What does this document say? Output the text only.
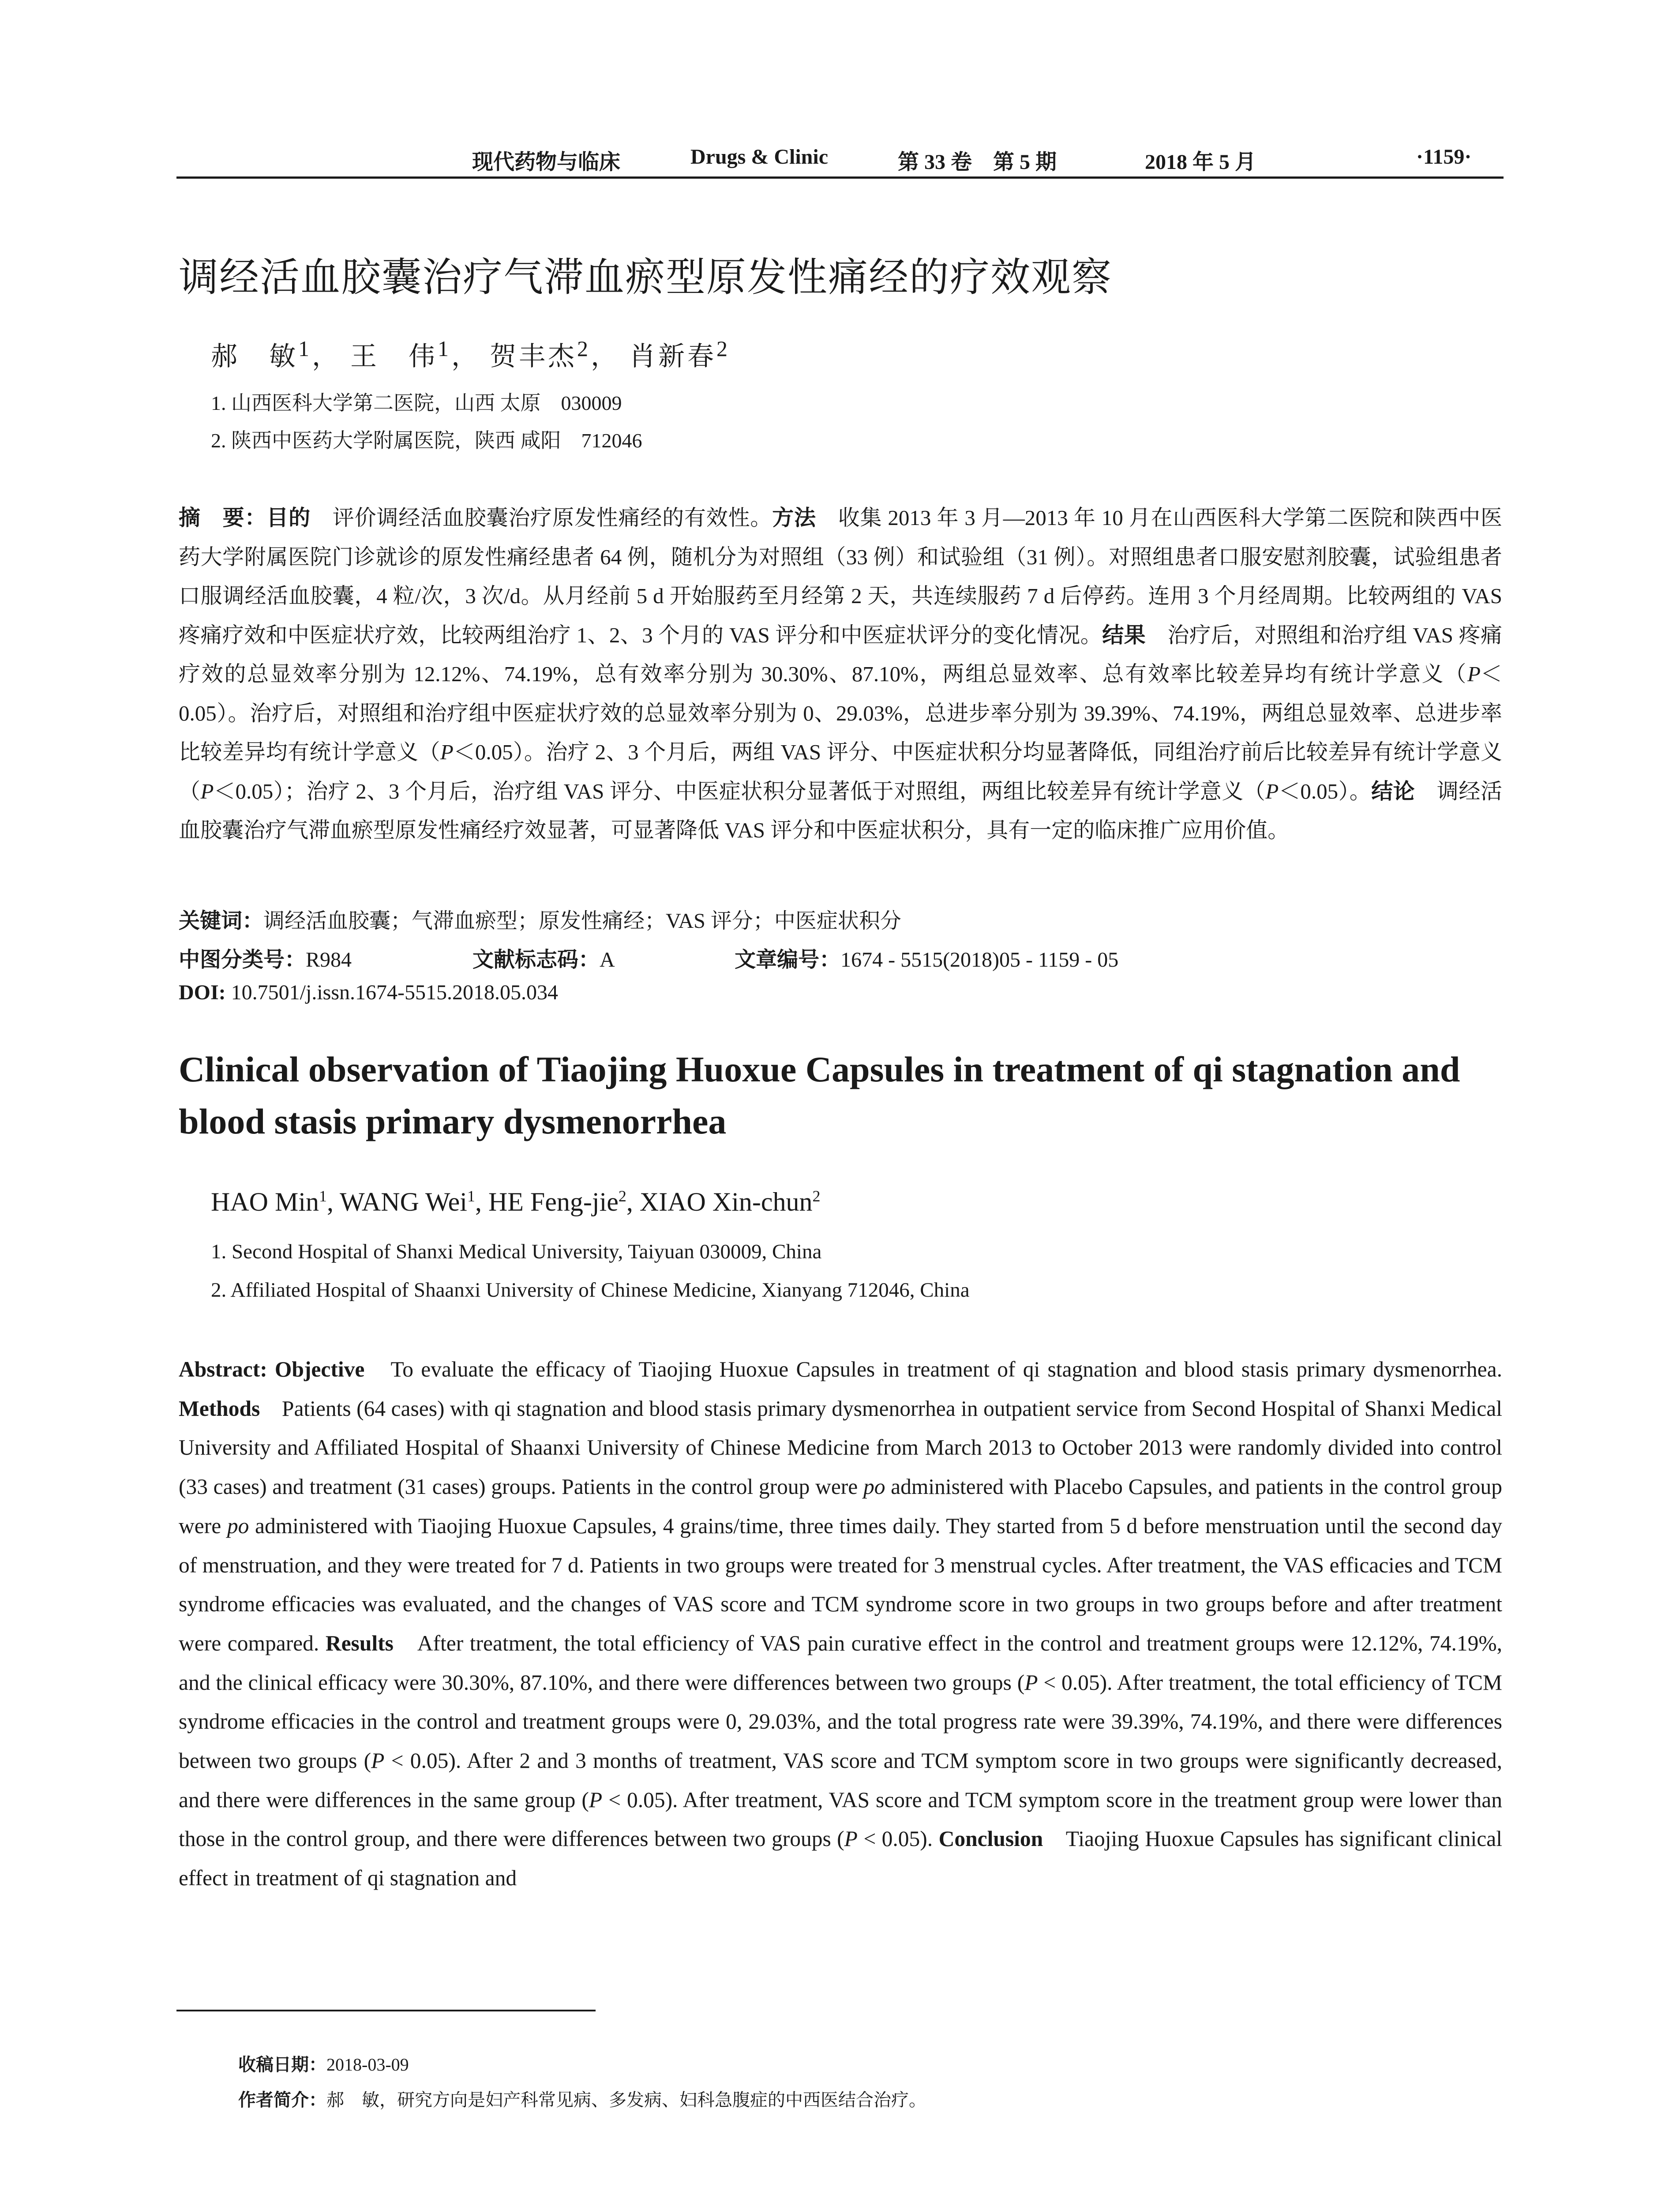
现代药物与临床	Drugs & Clinic	第 33 卷　第 5 期	2018 年 5 月	·1159·
调经活血胶囊治疗气滞血瘀型原发性痛经的疗效观察
郝　敏$^1$， 王　伟$^1$， 贺丰杰$^2$， 肖新春$^2$
1. 山西医科大学第二医院，山西 太原　030009
2. 陕西中医药大学附属医院，陕西 咸阳　712046
摘　要：目的　评价调经活血胶囊治疗原发性痛经的有效性。方法　收集 2013 年 3 月—2013 年 10 月在山西医科大学第二医院和陕西中医药大学附属医院门诊就诊的原发性痛经患者 64 例，随机分为对照组（33 例）和试验组（31 例）。对照组患者口服安慰剂胶囊，试验组患者口服调经活血胶囊，4 粒/次，3 次/d。从月经前 5 d 开始服药至月经第 2 天，共连续服药 7 d 后停药。连用 3 个月经周期。比较两组的 VAS 疼痛疗效和中医症状疗效，比较两组治疗 1、2、3 个月的 VAS 评分和中医症状评分的变化情况。结果　治疗后，对照组和治疗组 VAS 疼痛疗效的总显效率分别为 12.12%、74.19%，总有效率分别为 30.30%、87.10%，两组总显效率、总有效率比较差异均有统计学意义（P＜0.05）。治疗后，对照组和治疗组中医症状疗效的总显效率分别为 0、29.03%，总进步率分别为 39.39%、74.19%，两组总显效率、总进步率比较差异均有统计学意义（P＜0.05）。治疗 2、3 个月后，两组 VAS 评分、中医症状积分均显著降低，同组治疗前后比较差异有统计学意义（P＜0.05）；治疗 2、3 个月后，治疗组 VAS 评分、中医症状积分显著低于对照组，两组比较差异有统计学意义（P＜0.05）。结论　调经活血胶囊治疗气滞血瘀型原发性痛经疗效显著，可显著降低 VAS 评分和中医症状积分，具有一定的临床推广应用价值。
关键词：调经活血胶囊；气滞血瘀型；原发性痛经；VAS 评分；中医症状积分
中图分类号：R984	文献标志码：A	文章编号：1674 - 5515(2018)05 - 1159 - 05
DOI: 10.7501/j.issn.1674-5515.2018.05.034
Clinical observation of Tiaojing Huoxue Capsules in treatment of qi stagnation and blood stasis primary dysmenorrhea
HAO Min$^1$, WANG Wei$^1$, HE Feng-jie$^2$, XIAO Xin-chun$^2$
1. Second Hospital of Shanxi Medical University, Taiyuan 030009, China
2. Affiliated Hospital of Shaanxi University of Chinese Medicine, Xianyang 712046, China
Abstract: Objective　To evaluate the efficacy of Tiaojing Huoxue Capsules in treatment of qi stagnation and blood stasis primary dysmenorrhea. Methods　Patients (64 cases) with qi stagnation and blood stasis primary dysmenorrhea in outpatient service from Second Hospital of Shanxi Medical University and Affiliated Hospital of Shaanxi University of Chinese Medicine from March 2013 to October 2013 were randomly divided into control (33 cases) and treatment (31 cases) groups. Patients in the control group were po administered with Placebo Capsules, and patients in the control group were po administered with Tiaojing Huoxue Capsules, 4 grains/time, three times daily. They started from 5 d before menstruation until the second day of menstruation, and they were treated for 7 d. Patients in two groups were treated for 3 menstrual cycles. After treatment, the VAS efficacies and TCM syndrome efficacies was evaluated, and the changes of VAS score and TCM syndrome score in two groups in two groups before and after treatment were compared. Results　After treatment, the total efficiency of VAS pain curative effect in the control and treatment groups were 12.12%, 74.19%, and the clinical efficacy were 30.30%, 87.10%, and there were differences between two groups (P < 0.05). After treatment, the total efficiency of TCM syndrome efficacies in the control and treatment groups were 0, 29.03%, and the total progress rate were 39.39%, 74.19%, and there were differences between two groups (P < 0.05). After 2 and 3 months of treatment, VAS score and TCM symptom score in two groups were significantly decreased, and there were differences in the same group (P < 0.05). After treatment, VAS score and TCM symptom score in the treatment group were lower than those in the control group, and there were differences between two groups (P < 0.05). Conclusion　Tiaojing Huoxue Capsules has significant clinical effect in treatment of qi stagnation and
收稿日期：2018-03-09
作者简介：郝　敏，研究方向是妇产科常见病、多发病、妇科急腹症的中西医结合治疗。
